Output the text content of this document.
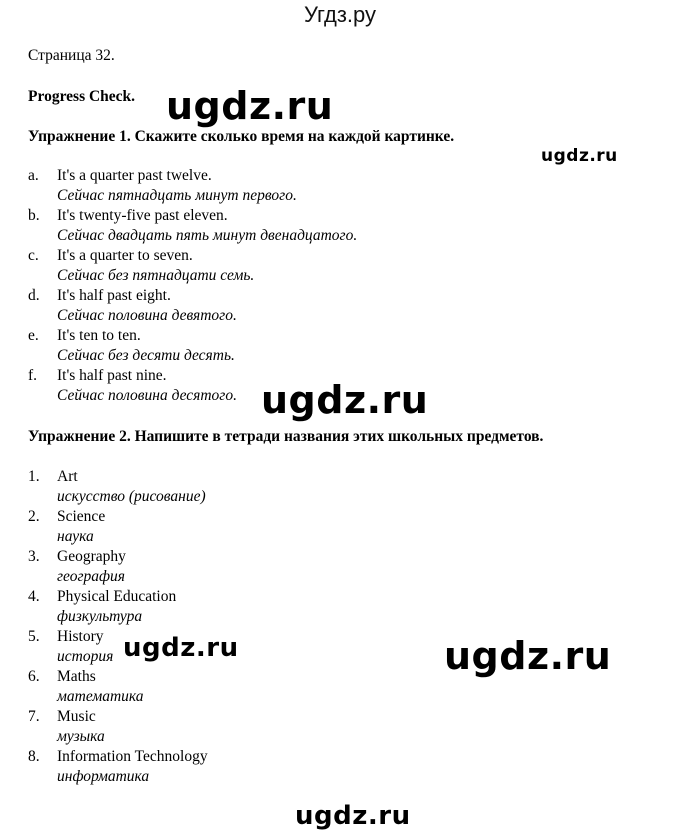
Угдз.ру
Страница 32.
Progress Check.
Упражнение 1. Скажите сколько время на каждой картинке.
a. It's a quarter past twelve.
Сейчас пятнадцать минут первого.
b. It's twenty-five past eleven.
Сейчас двадцать пять минут двенадцатого.
c. It's a quarter to seven.
Сейчас без пятнадцати семь.
d. It's half past eight.
Сейчас половина девятого.
e. It's ten to ten.
Сейчас без десяти десять.
f. It's half past nine.
Сейчас половина десятого.
Упражнение 2. Напишите в тетради названия этих школьных предметов.
1. Art
искусство (рисование)
2. Science
наука
3. Geography
география
4. Physical Education
физкультура
5. History
история
6. Maths
математика
7. Music
музыка
8. Information Technology
информатика
ugdz.ru
ugdz.ru
ugdz.ru
ugdz.ru	ugdz.ru
ugdz.ru
